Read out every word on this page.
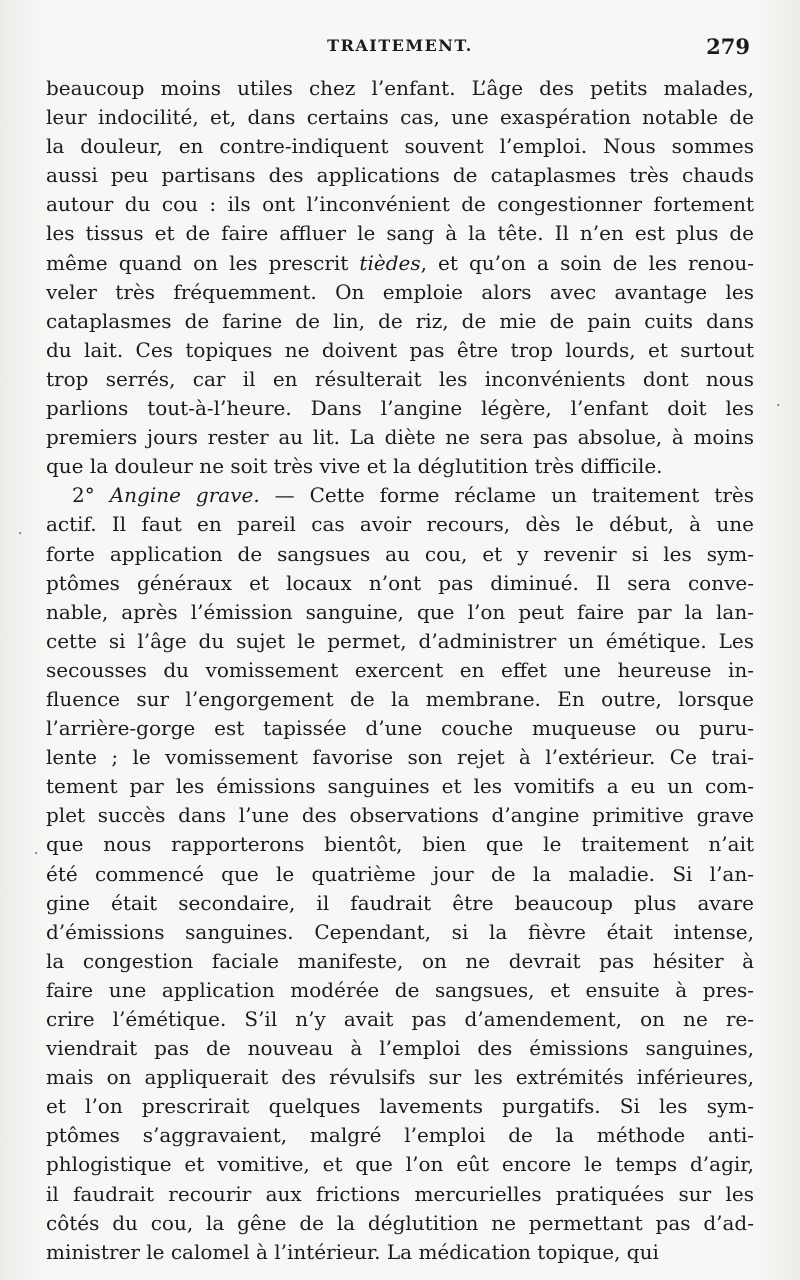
TRAITEMENT.	279
beaucoup moins utiles chez l’enfant. L’âge des petits malades,
leur indocilité, et, dans certains cas, une exaspération notable de
la douleur, en contre-indiquent souvent l’emploi. Nous sommes
aussi peu partisans des applications de cataplasmes très chauds
autour du cou : ils ont l’inconvénient de congestionner fortement
les tissus et de faire affluer le sang à la tête. Il n’en est plus de
même quand on les prescrit tièdes, et qu’on a soin de les renou-
veler très fréquemment. On emploie alors avec avantage les
cataplasmes de farine de lin, de riz, de mie de pain cuits dans
du lait. Ces topiques ne doivent pas être trop lourds, et surtout
trop serrés, car il en résulterait les inconvénients dont nous
parlions tout-à-l’heure. Dans l’angine légère, l’enfant doit les
premiers jours rester au lit. La diète ne sera pas absolue, à moins
que la douleur ne soit très vive et la déglutition très difficile.
2° Angine grave. — Cette forme réclame un traitement très
actif. Il faut en pareil cas avoir recours, dès le début, à une
forte application de sangsues au cou, et y revenir si les sym-
ptômes généraux et locaux n’ont pas diminué. Il sera conve-
nable, après l’émission sanguine, que l’on peut faire par la lan-
cette si l’âge du sujet le permet, d’administrer un émétique. Les
secousses du vomissement exercent en effet une heureuse in-
fluence sur l’engorgement de la membrane. En outre, lorsque
l’arrière-gorge est tapissée d’une couche muqueuse ou puru-
lente ; le vomissement favorise son rejet à l’extérieur. Ce trai-
tement par les émissions sanguines et les vomitifs a eu un com-
plet succès dans l’une des observations d’angine primitive grave
que nous rapporterons bientôt, bien que le traitement n’ait
été commencé que le quatrième jour de la maladie. Si l’an-
gine était secondaire, il faudrait être beaucoup plus avare
d’émissions sanguines. Cependant, si la fièvre était intense,
la congestion faciale manifeste, on ne devrait pas hésiter à
faire une application modérée de sangsues, et ensuite à pres-
crire l’émétique. S’il n’y avait pas d’amendement, on ne re-
viendrait pas de nouveau à l’emploi des émissions sanguines,
mais on appliquerait des révulsifs sur les extrémités inférieures,
et l’on prescrirait quelques lavements purgatifs. Si les sym-
ptômes s’aggravaient, malgré l’emploi de la méthode anti-
phlogistique et vomitive, et que l’on eût encore le temps d’agir,
il faudrait recourir aux frictions mercurielles pratiquées sur les
côtés du cou, la gêne de la déglutition ne permettant pas d’ad-
ministrer le calomel à l’intérieur. La médication topique, qui
·
·
·
